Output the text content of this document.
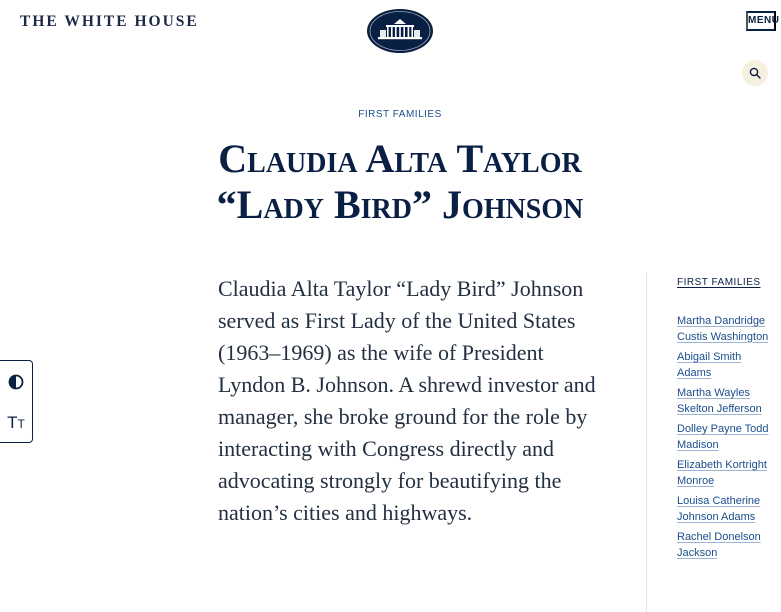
THE WHITE HOUSE	MENU
FIRST FAMILIES
Claudia Alta Taylor
“Lady Bird” Johnson

Claudia Alta Taylor “Lady Bird” Johnson served as First Lady of the United States (1963–1969) as the wife of President Lyndon B. Johnson. A shrewd investor and manager, she broke ground for the role by interacting with Congress directly and advocating strongly for beautifying the nation’s cities and highways.

FIRST FAMILIES
Martha Dandridge Custis Washington
Abigail Smith Adams
Martha Wayles Skelton Jefferson
Dolley Payne Todd Madison
Elizabeth Kortright Monroe
Louisa Catherine Johnson Adams
Rachel Donelson Jackson
TT
